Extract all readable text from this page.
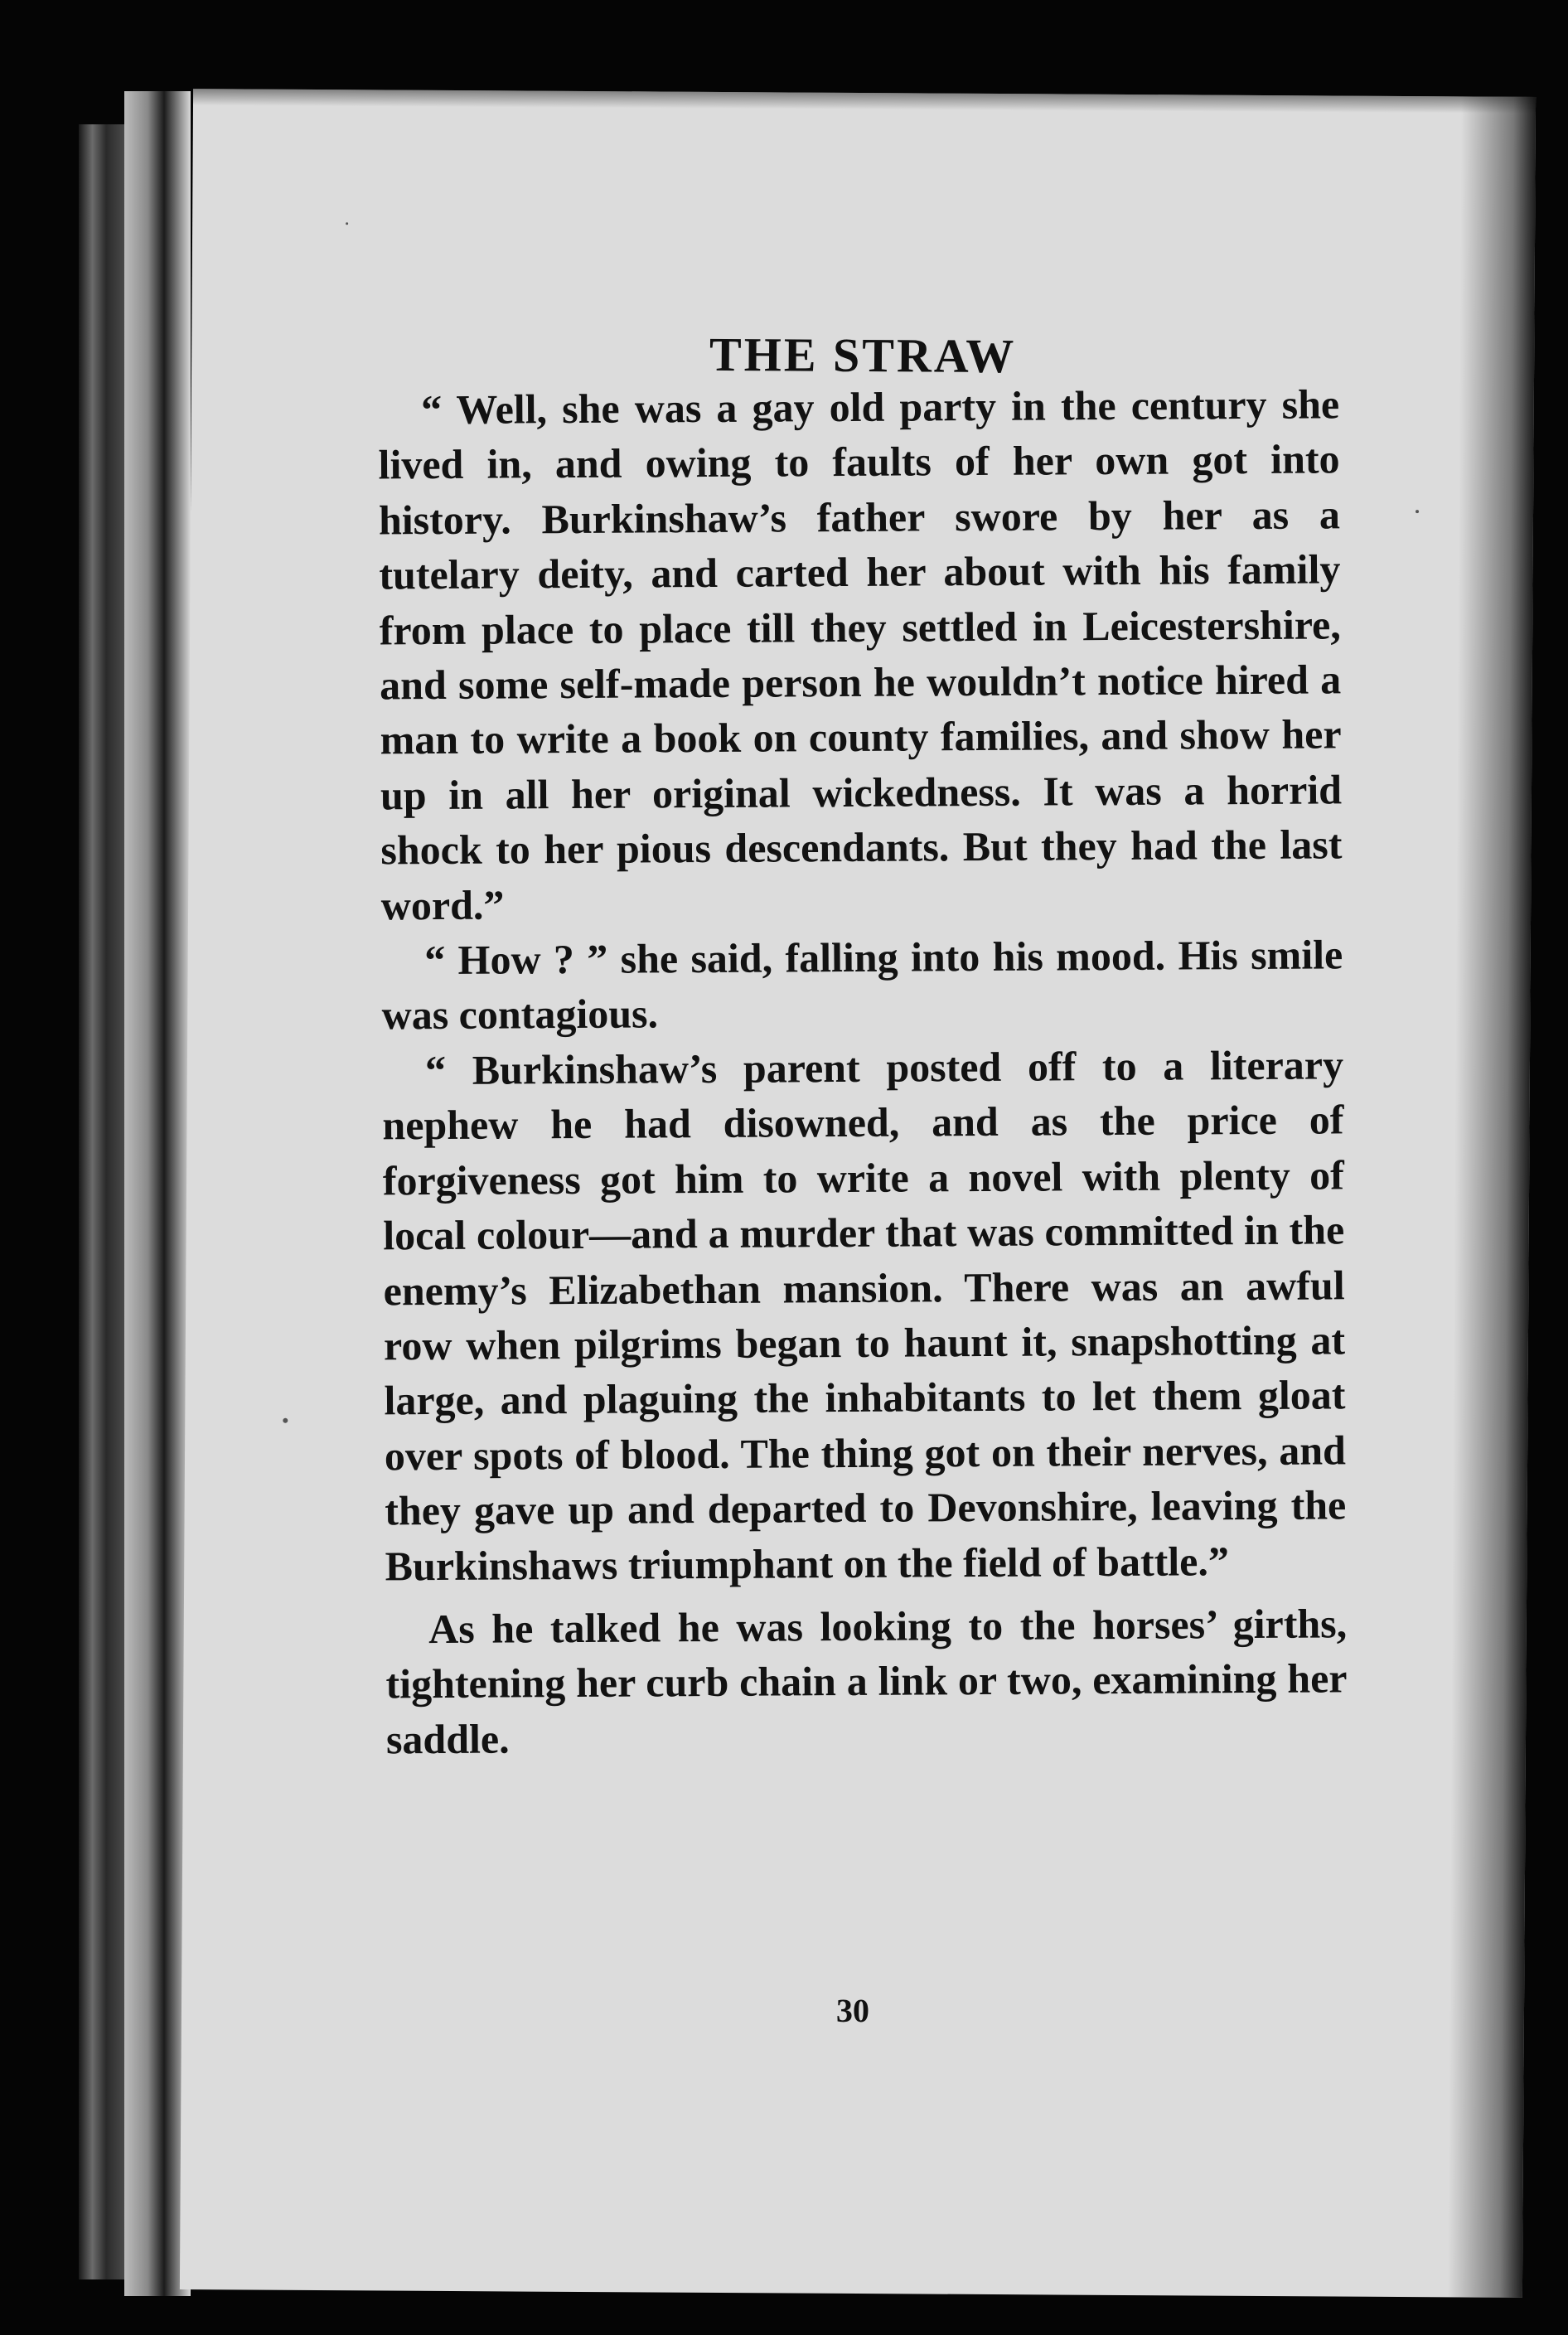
THE STRAW

“ Well, she was a gay old party in the century she lived in, and owing to faults of her own got into history. Burkinshaw’s father swore by her as a tutelary deity, and carted her about with his family from place to place till they settled in Leicestershire, and some self-made person he wouldn’t notice hired a man to write a book on county families, and show her up in all her original wickedness. It was a horrid shock to her pious descendants. But they had the last word.”

“ How ? ” she said, falling into his mood. His smile was contagious.

“ Burkinshaw’s parent posted off to a literary nephew he had disowned, and as the price of forgiveness got him to write a novel with plenty of local colour—and a murder that was committed in the enemy’s Elizabethan mansion. There was an awful row when pilgrims began to haunt it, snapshotting at large, and plaguing the inhabitants to let them gloat over spots of blood. The thing got on their nerves, and they gave up and departed to Devonshire, leaving the Burkinshaws triumphant on the field of battle.”

As he talked he was looking to the horses’ girths, tightening her curb chain a link or two, examining her saddle.

30
